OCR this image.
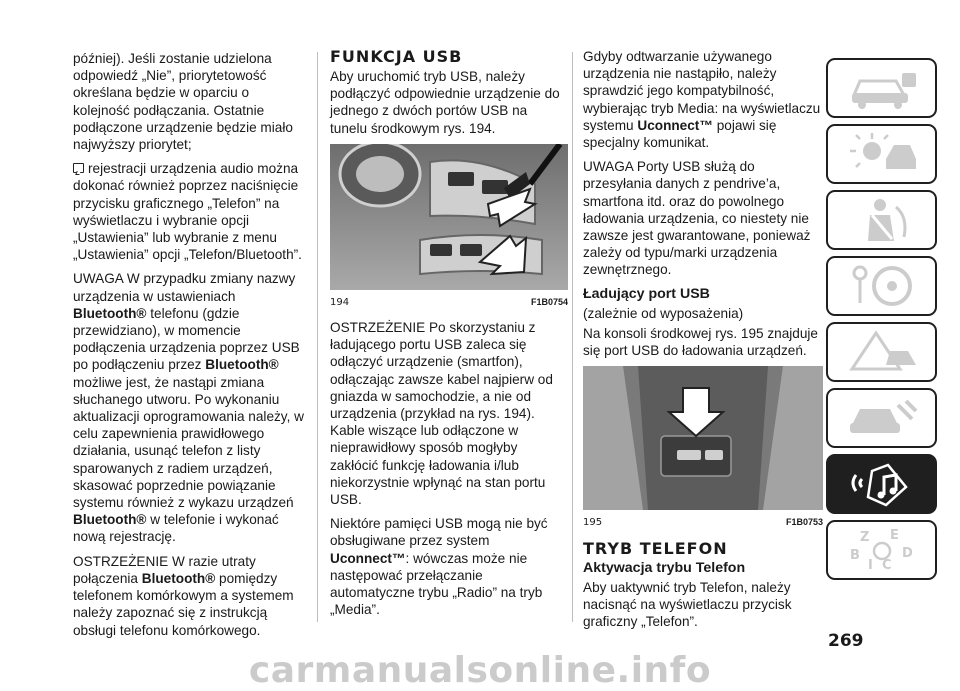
później). Jeśli zostanie udzielona odpowiedź „Nie”, priorytetowość określana będzie w oparciu o kolejność podłączania. Ostatnie podłączone urządzenie będzie miało najwyższy priorytet;

rejestracji urządzenia audio można dokonać również poprzez naciśnięcie przycisku graficznego „Telefon” na wyświetlaczu i wybranie opcji „Ustawienia” lub wybranie z menu „Ustawienia” opcji „Telefon/Bluetooth”.

UWAGA W przypadku zmiany nazwy urządzenia w ustawieniach Bluetooth® telefonu (gdzie przewidziano), w momencie podłączenia urządzenia poprzez USB po podłączeniu przez Bluetooth® możliwe jest, że nastąpi zmiana słuchanego utworu. Po wykonaniu aktualizacji oprogramowania należy, w celu zapewnienia prawidłowego działania, usunąć telefon z listy sparowanych z radiem urządzeń, skasować poprzednie powiązanie systemu również z wykazu urządzeń Bluetooth® w telefonie i wykonać nową rejestrację.

OSTRZEŻENIE W razie utraty połączenia Bluetooth® pomiędzy telefonem komórkowym a systemem należy zapoznać się z instrukcją obsługi telefonu komórkowego.

FUNKCJA USB

Aby uruchomić tryb USB, należy podłączyć odpowiednie urządzenie do jednego z dwóch portów USB na tunelu środkowym rys. 194.

194	F1B0754

OSTRZEŻENIE Po skorzystaniu z ładującego portu USB zaleca się odłączyć urządzenie (smartfon), odłączając zawsze kabel najpierw od gniazda w samochodzie, a nie od urządzenia (przykład na rys. 194). Kable wiszące lub odłączone w nieprawidłowy sposób mogłyby zakłócić funkcję ładowania i/lub niekorzystnie wpłynąć na stan portu USB.

Niektóre pamięci USB mogą nie być obsługiwane przez system Uconnect™: wówczas może nie następować przełączanie automatyczne trybu „Radio” na tryb „Media”.

Gdyby odtwarzanie używanego urządzenia nie nastąpiło, należy sprawdzić jego kompatybilność, wybierając tryb Media: na wyświetlaczu systemu Uconnect™ pojawi się specjalny komunikat.

UWAGA Porty USB służą do przesyłania danych z pendrive’a, smartfona itd. oraz do powolnego ładowania urządzenia, co niestety nie zawsze jest gwarantowane, ponieważ zależy od typu/marki urządzenia zewnętrznego.

Ładujący port USB

(zależnie od wyposażenia)

Na konsoli środkowej rys. 195 znajduje się port USB do ładowania urządzeń.

195	F1B0753
TRYB TELEFON
Aktywacja trybu Telefon

Aby uaktywnić tryb Telefon, należy nacisnąć na wyświetlaczu przycisk graficzny „Telefon”.

Z E
B	D
I C
269
carmanualsonline.info
